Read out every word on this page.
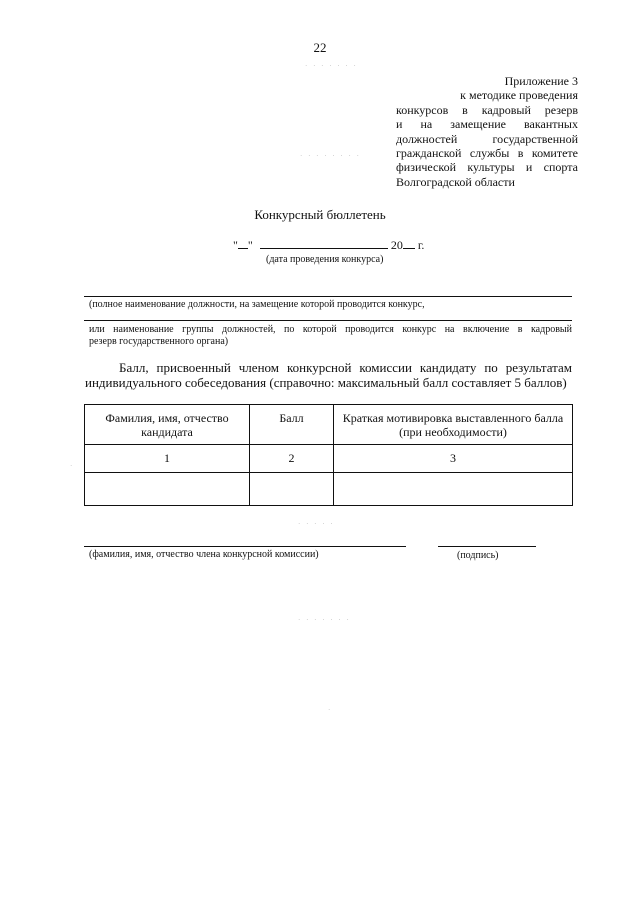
22
· · · · · · ·
Приложение 3
к методике проведения
конкурсов в кадровый резерв
и на замещение вакантных
должностей государственной
гражданской службы в комитете
физической культуры и спорта
Волгоградской области
· · · · · · · ·
Конкурсный бюллетень
" "	20 г.
(дата проведения конкурса)
(полное наименование должности, на замещение которой проводится конкурс,
или наименование группы должностей, по которой проводится конкурс на включение в кадровый
резерв государственного органа)
Балл, присвоенный членом конкурсной комиссии кандидату по результатам
индивидуального собеседования (справочно: максимальный балл составляет 5 баллов)
Фамилия, имя, отчество кандидата	Балл	Краткая мотивировка выставленного балла (при необходимости)
1	2	3

·
· · · · ·
(фамилия, имя, отчество члена конкурсной комиссии)	(подпись)
· · · · · · ·
·
